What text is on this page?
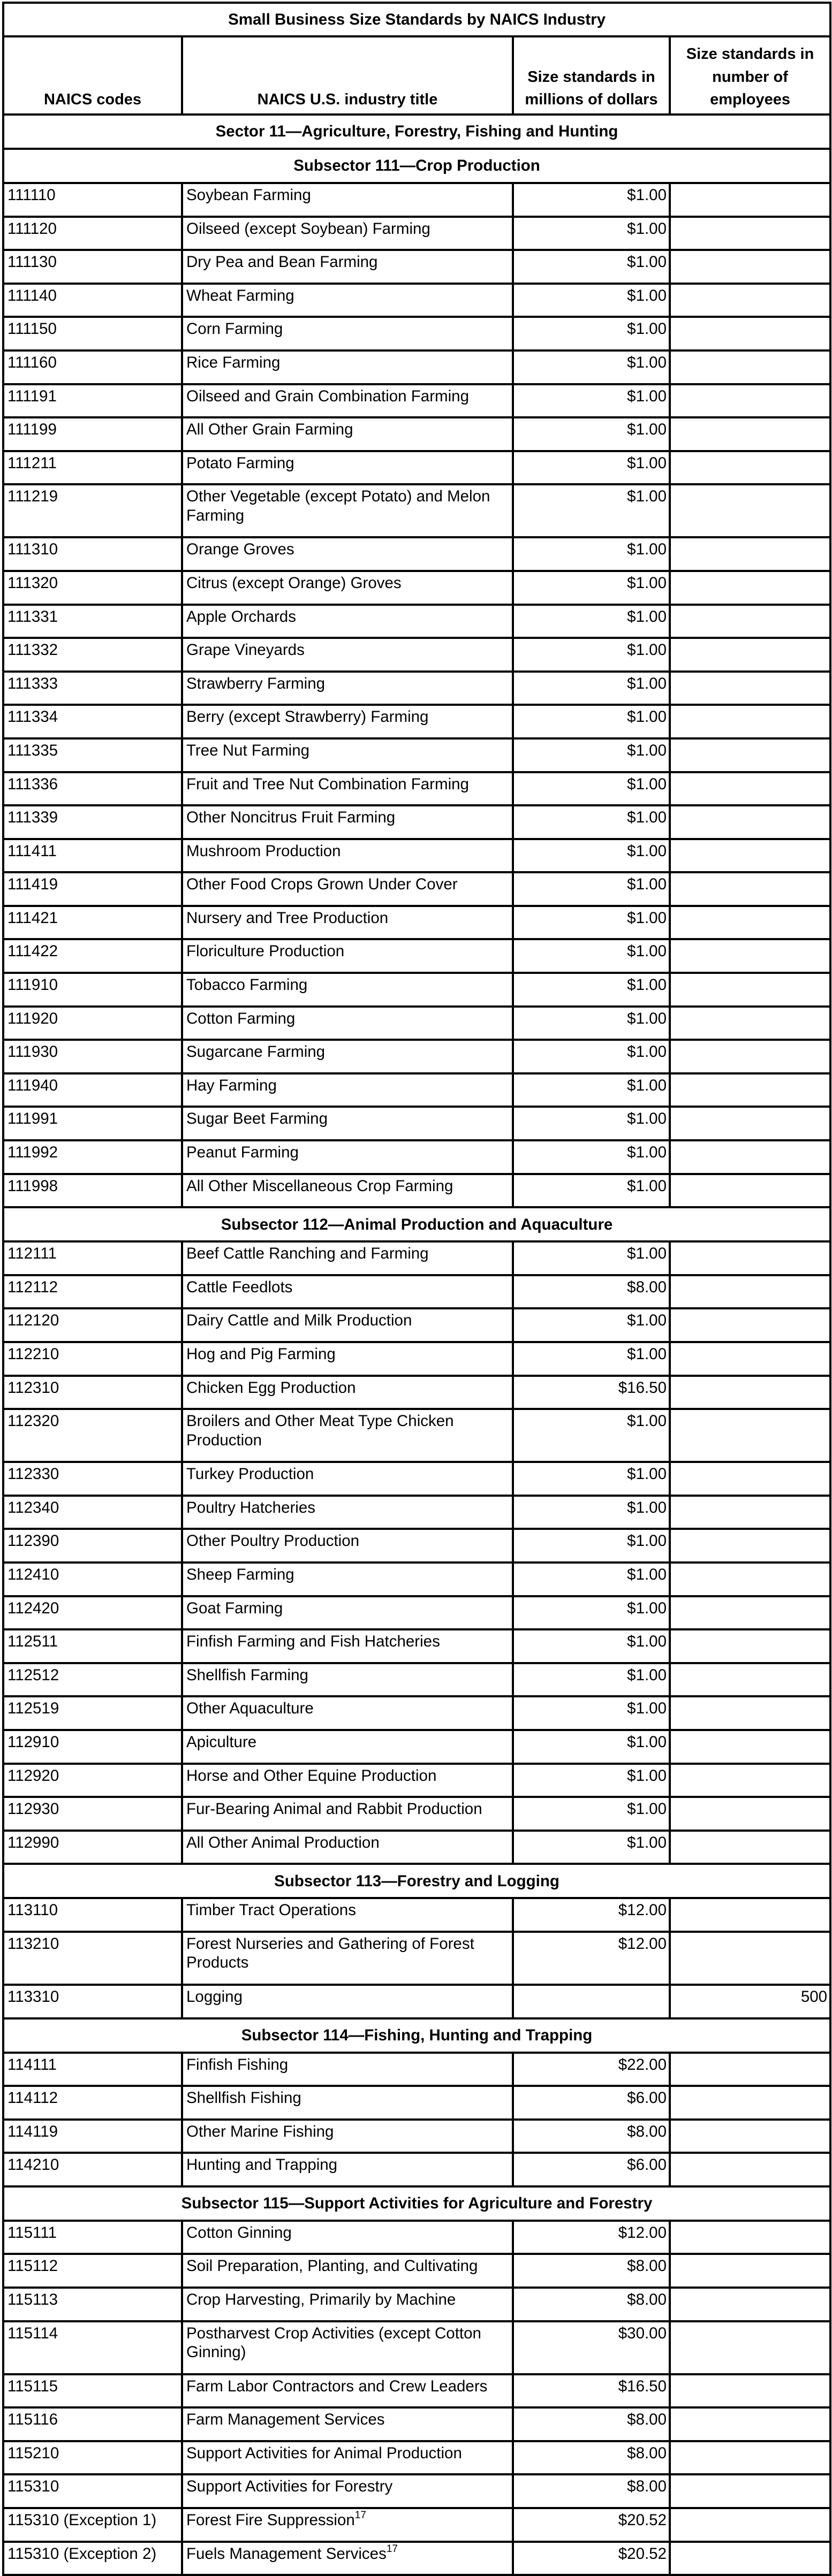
Small Business Size Standards by NAICS Industry			
NAICS codes	NAICS U.S. industry title	Size standards in millions of dollars	Size standards in number of employees
Sector 11—Agriculture, Forestry, Fishing and Hunting			
Subsector 111—Crop Production			
111110	Soybean Farming	$1.00	
111120	Oilseed (except Soybean) Farming	$1.00	
111130	Dry Pea and Bean Farming	$1.00	
111140	Wheat Farming	$1.00	
111150	Corn Farming	$1.00	
111160	Rice Farming	$1.00	
111191	Oilseed and Grain Combination Farming	$1.00	
111199	All Other Grain Farming	$1.00	
111211	Potato Farming	$1.00	
111219	Other Vegetable (except Potato) and Melon Farming	$1.00	
111310	Orange Groves	$1.00	
111320	Citrus (except Orange) Groves	$1.00	
111331	Apple Orchards	$1.00	
111332	Grape Vineyards	$1.00	
111333	Strawberry Farming	$1.00	
111334	Berry (except Strawberry) Farming	$1.00	
111335	Tree Nut Farming	$1.00	
111336	Fruit and Tree Nut Combination Farming	$1.00	
111339	Other Noncitrus Fruit Farming	$1.00	
111411	Mushroom Production	$1.00	
111419	Other Food Crops Grown Under Cover	$1.00	
111421	Nursery and Tree Production	$1.00	
111422	Floriculture Production	$1.00	
111910	Tobacco Farming	$1.00	
111920	Cotton Farming	$1.00	
111930	Sugarcane Farming	$1.00	
111940	Hay Farming	$1.00	
111991	Sugar Beet Farming	$1.00	
111992	Peanut Farming	$1.00	
111998	All Other Miscellaneous Crop Farming	$1.00	
Subsector 112—Animal Production and Aquaculture			
112111	Beef Cattle Ranching and Farming	$1.00	
112112	Cattle Feedlots	$8.00	
112120	Dairy Cattle and Milk Production	$1.00	
112210	Hog and Pig Farming	$1.00	
112310	Chicken Egg Production	$16.50	
112320	Broilers and Other Meat Type Chicken Production	$1.00	
112330	Turkey Production	$1.00	
112340	Poultry Hatcheries	$1.00	
112390	Other Poultry Production	$1.00	
112410	Sheep Farming	$1.00	
112420	Goat Farming	$1.00	
112511	Finfish Farming and Fish Hatcheries	$1.00	
112512	Shellfish Farming	$1.00	
112519	Other Aquaculture	$1.00	
112910	Apiculture	$1.00	
112920	Horse and Other Equine Production	$1.00	
112930	Fur-Bearing Animal and Rabbit Production	$1.00	
112990	All Other Animal Production	$1.00	
Subsector 113—Forestry and Logging			
113110	Timber Tract Operations	$12.00	
113210	Forest Nurseries and Gathering of Forest Products	$12.00	
113310	Logging		500
Subsector 114—Fishing, Hunting and Trapping			
114111	Finfish Fishing	$22.00	
114112	Shellfish Fishing	$6.00	
114119	Other Marine Fishing	$8.00	
114210	Hunting and Trapping	$6.00	
Subsector 115—Support Activities for Agriculture and Forestry			
115111	Cotton Ginning	$12.00	
115112	Soil Preparation, Planting, and Cultivating	$8.00	
115113	Crop Harvesting, Primarily by Machine	$8.00	
115114	Postharvest Crop Activities (except Cotton Ginning)	$30.00	
115115	Farm Labor Contractors and Crew Leaders	$16.50	
115116	Farm Management Services	$8.00	
115210	Support Activities for Animal Production	$8.00	
115310	Support Activities for Forestry	$8.00	
115310 (Exception 1)	Forest Fire Suppression$^{17}$	$20.52	
115310 (Exception 2)	Fuels Management Services$^{17}$	$20.52	
